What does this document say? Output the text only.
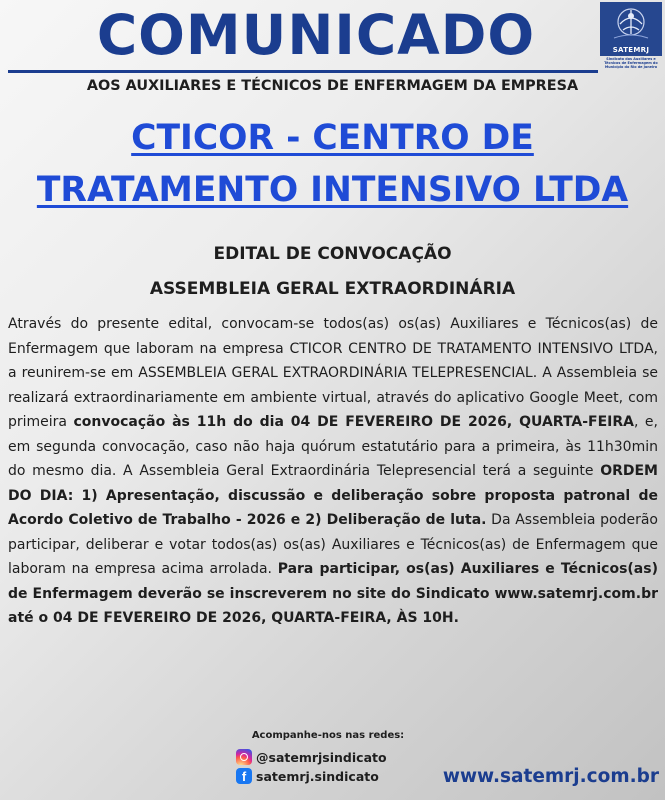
COMUNICADO	SATEMRJ
Sindicato dos Auxiliares e Técnicos de Enfermagem do Município do Rio de Janeiro
AOS AUXILIARES E TÉCNICOS DE ENFERMAGEM DA EMPRESA
CTICOR - CENTRO DE
TRATAMENTO INTENSIVO LTDA
EDITAL DE CONVOCAÇÃO
ASSEMBLEIA GERAL EXTRAORDINÁRIA
Através do presente edital, convocam-se todos(as) os(as) Auxiliares e Técnicos(as) de Enfermagem que laboram na empresa CTICOR CENTRO DE TRATAMENTO INTENSIVO LTDA, a reunirem-se em ASSEMBLEIA GERAL EXTRAORDINÁRIA TELEPRESENCIAL. A Assembleia se realizará extraordinariamente em ambiente virtual, através do aplicativo Google Meet, com primeira convocação às 11h do dia 04 DE FEVEREIRO DE 2026, QUARTA-FEIRA, e, em segunda convocação, caso não haja quórum estatutário para a primeira, às 11h30min do mesmo dia. A Assembleia Geral Extraordinária Telepresencial terá a seguinte ORDEM DO DIA: 1) Apresentação, discussão e deliberação sobre proposta patronal de Acordo Coletivo de Trabalho - 2026 e 2) Deliberação de luta. Da Assembleia poderão participar, deliberar e votar todos(as) os(as) Auxiliares e Técnicos(as) de Enfermagem que laboram na empresa acima arrolada. Para participar, os(as) Auxiliares e Técnicos(as) de Enfermagem deverão se inscreverem no site do Sindicato www.satemrj.com.br até o 04 DE FEVEREIRO DE 2026, QUARTA-FEIRA, ÀS 10H.
Acompanhe-nos nas redes:
@satemrjsindicato
f satemrj.sindicato	www.satemrj.com.br
